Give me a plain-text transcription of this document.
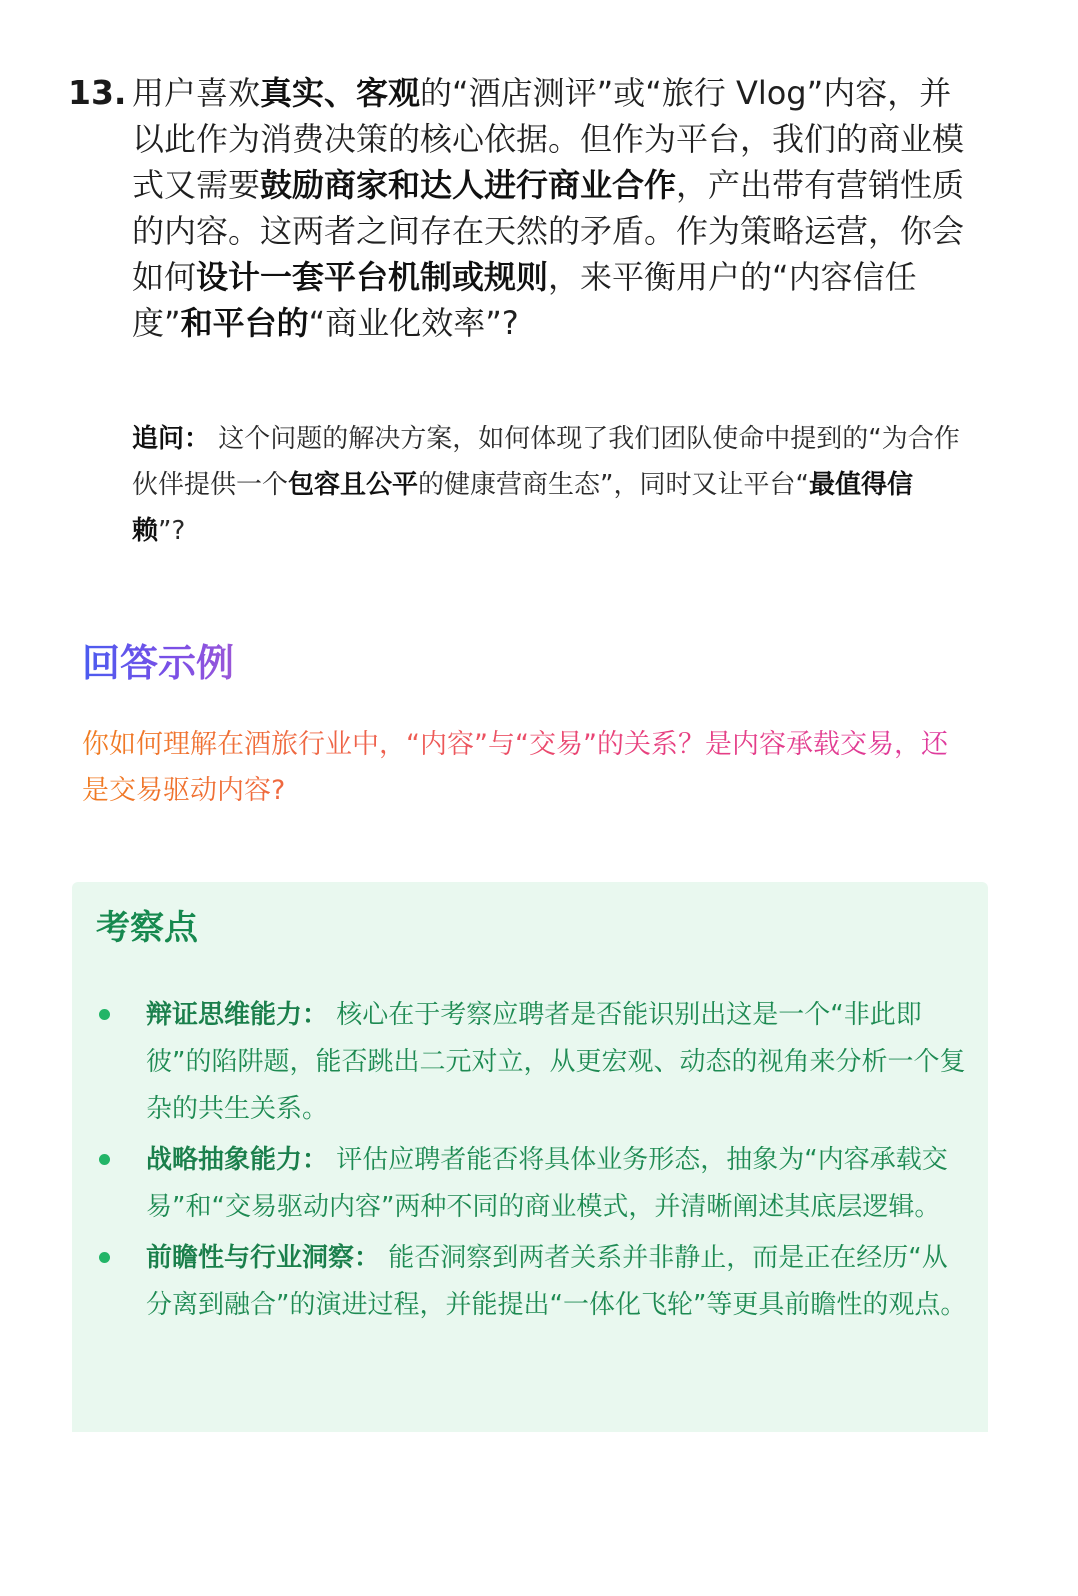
13. 用户喜欢真实、客观的“酒店测评”或“旅行 Vlog”内容，并以此作为消费决策的核心依据。但作为平台，我们的商业模式又需要鼓励商家和达人进行商业合作，产出带有营销性质的内容。这两者之间存在天然的矛盾。作为策略运营，你会如何设计一套平台机制或规则，来平衡用户的“内容信任度”和平台的“商业化效率”?
追问： 这个问题的解决方案，如何体现了我们团队使命中提到的“为合作伙伴提供一个包容且公平的健康营商生态”，同时又让平台“最值得信赖”?
回答示例
你如何理解在酒旅行业中，“内容”与“交易”的关系？是内容承载交易，还是交易驱动内容?
考察点
辩证思维能力： 核心在于考察应聘者是否能识别出这是一个“非此即彼”的陷阱题，能否跳出二元对立，从更宏观、动态的视角来分析一个复杂的共生关系。
战略抽象能力： 评估应聘者能否将具体业务形态，抽象为“内容承载交易”和“交易驱动内容”两种不同的商业模式，并清晰阐述其底层逻辑。
前瞻性与行业洞察： 能否洞察到两者关系并非静止，而是正在经历“从分离到融合”的演进过程，并能提出“一体化飞轮”等更具前瞻性的观点。
